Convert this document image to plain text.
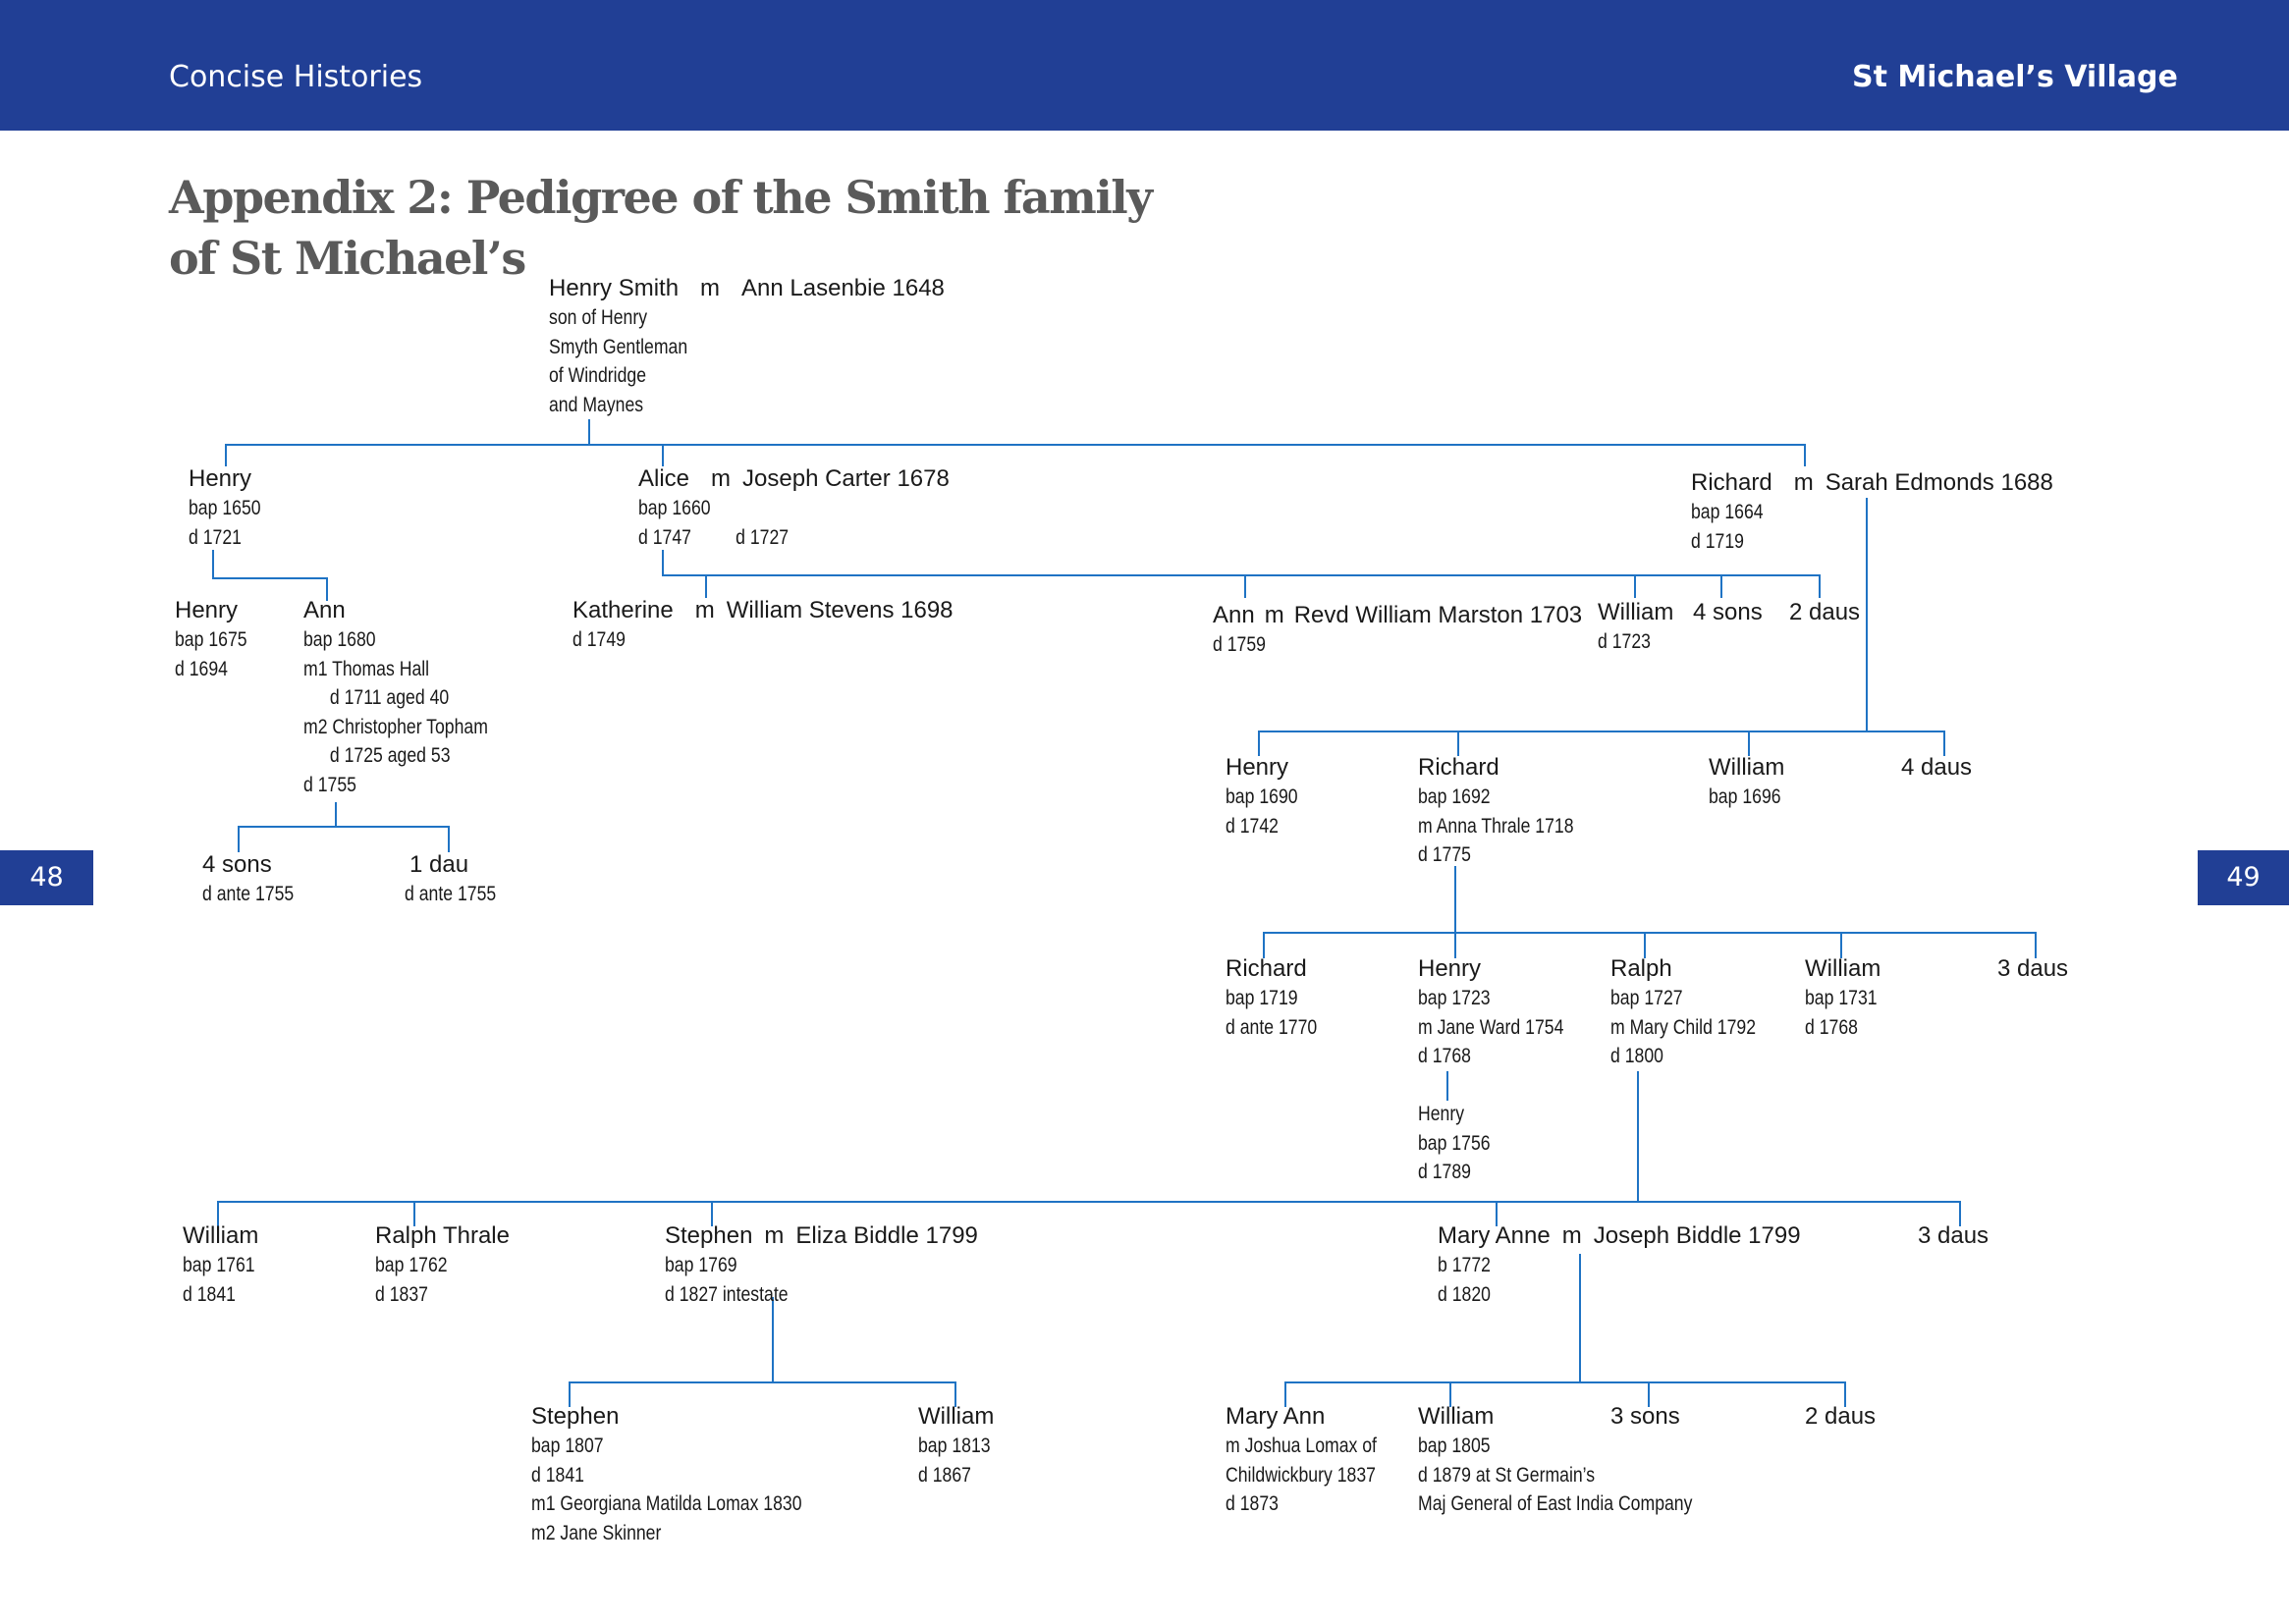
Concise Histories	St Michael’s Village
Appendix 2: Pedigree of the Smith family
of St Michael’s
48	49
Henry Smith m Ann Lasenbie 1648
son of Henry
Smyth Gentleman
of Windridge
and Maynes
Henry
bap 1650
d 1721
Alice m Joseph Carter 1678
bap 1660
d 1747 d 1727
Richard m Sarah Edmonds 1688
bap 1664
d 1719
Henry
bap 1675
d 1694
Ann
bap 1680
m1 Thomas Hall
d 1711 aged 40
m2 Christopher Topham
d 1725 aged 53
d 1755
4 sons
d ante 1755
1 dau
d ante 1755
Katherine m William Stevens 1698
d 1749
Ann m Revd William Marston 1703
d 1759
William
d 1723
4 sons 2 daus
Henry
bap 1690
d 1742
Richard
bap 1692
m Anna Thrale 1718
d 1775
William
bap 1696
4 daus
Richard
bap 1719
d ante 1770
Henry
bap 1723
m Jane Ward 1754
d 1768
Ralph
bap 1727
m Mary Child 1792
d 1800
William
bap 1731
d 1768
3 daus
Henry
bap 1756
d 1789
William
bap 1761
d 1841
Ralph Thrale
bap 1762
d 1837
Stephen m Eliza Biddle 1799
bap 1769
d 1827 intestate
Mary Anne m Joseph Biddle 1799
b 1772
d 1820
3 daus
Stephen
bap 1807
d 1841
m1 Georgiana Matilda Lomax 1830
m2 Jane Skinner
William
bap 1813
d 1867
Mary Ann
m Joshua Lomax of
Childwickbury 1837
d 1873
William
bap 1805
d 1879 at St Germain’s
Maj General of East India Company
3 sons	2 daus
